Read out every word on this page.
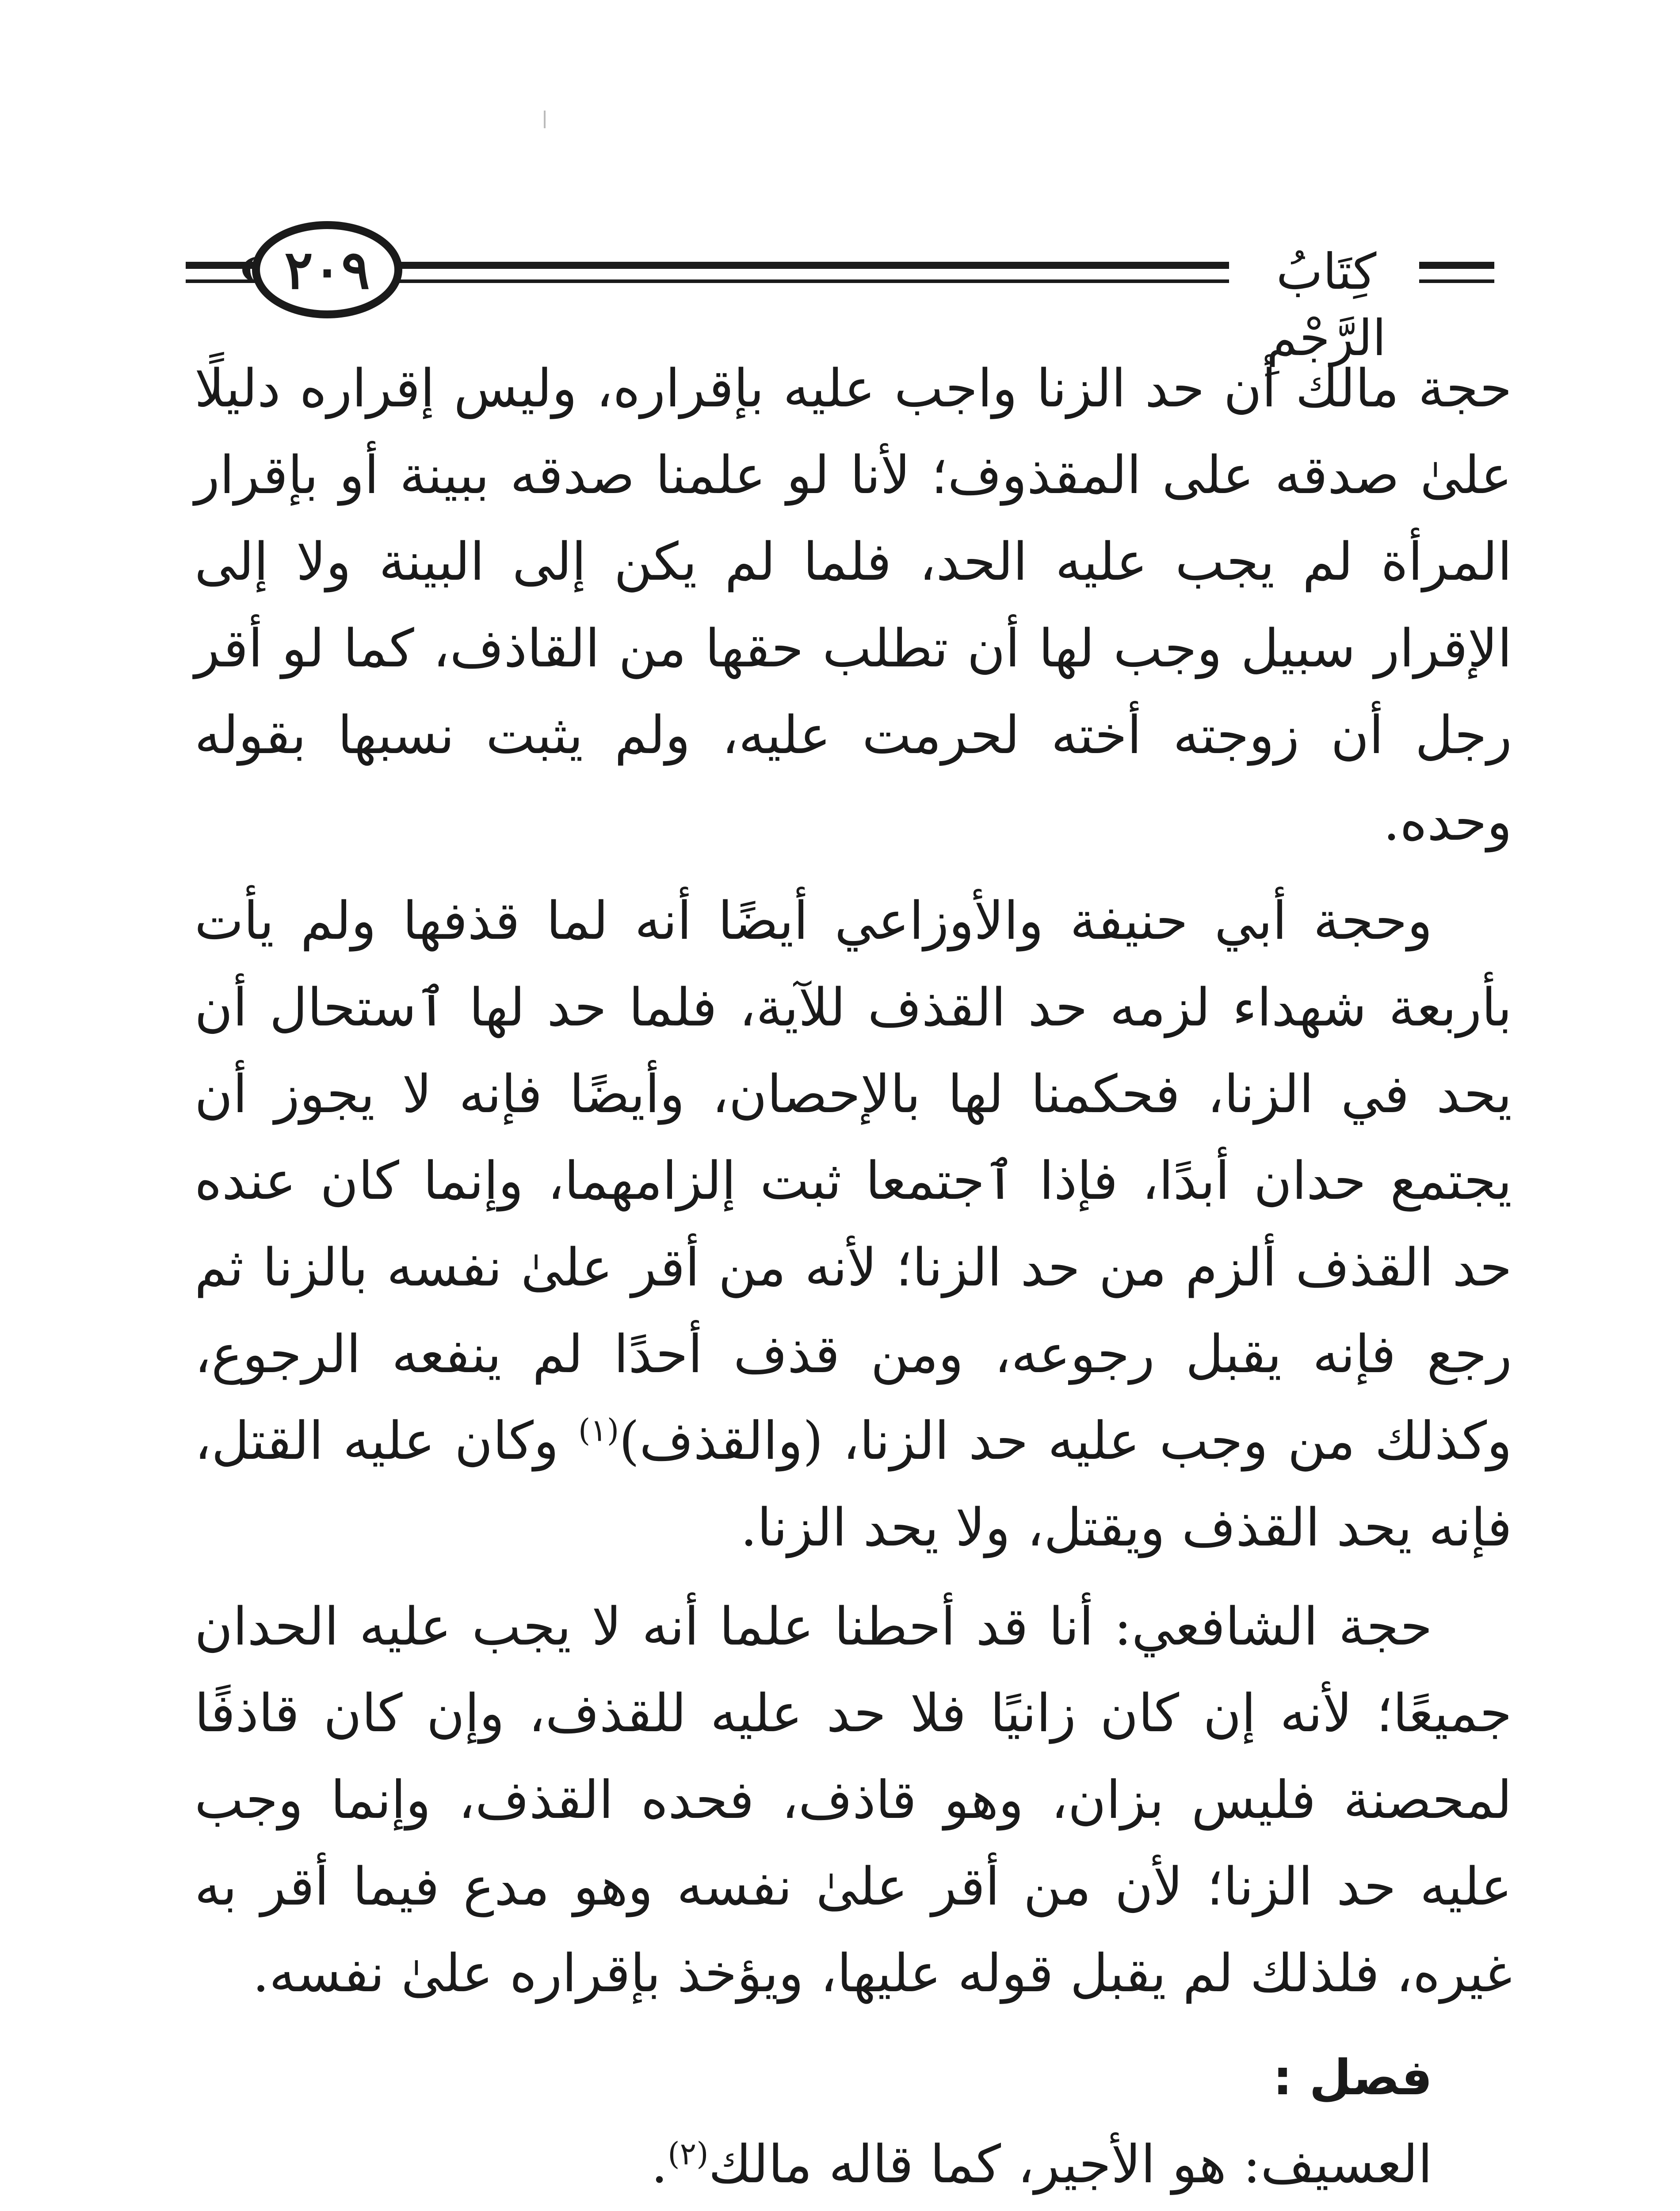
٢٠٩	كِتَابُ الرَّجْمِ

حجة مالك أن حد الزنا واجب عليه بإقراره، وليس إقراره دليلًا علىٰ صدقه على المقذوف؛ لأنا لو علمنا صدقه ببينة أو بإقرار المرأة لم يجب عليه الحد، فلما لم يكن إلى البينة ولا إلى الإقرار سبيل وجب لها أن تطلب حقها من القاذف، كما لو أقر رجل أن زوجته أخته لحرمت عليه، ولم يثبت نسبها بقوله وحده.

وحجة أبي حنيفة والأوزاعي أيضًا أنه لما قذفها ولم يأت بأربعة شهداء لزمه حد القذف للآية، فلما حد لها ٱستحال أن يحد في الزنا، فحكمنا لها بالإحصان، وأيضًا فإنه لا يجوز أن يجتمع حدان أبدًا، فإذا ٱجتمعا ثبت إلزامهما، وإنما كان عنده حد القذف ألزم من حد الزنا؛ لأنه من أقر علىٰ نفسه بالزنا ثم رجع فإنه يقبل رجوعه، ومن قذف أحدًا لم ينفعه الرجوع، وكذلك من وجب عليه حد الزنا، (والقذف)$^{(١)}$ وكان عليه القتل، فإنه يحد القذف ويقتل، ولا يحد الزنا.

حجة الشافعي: أنا قد أحطنا علما أنه لا يجب عليه الحدان جميعًا؛ لأنه إن كان زانيًا فلا حد عليه للقذف، وإن كان قاذفًا لمحصنة فليس بزان، وهو قاذف، فحده القذف، وإنما وجب عليه حد الزنا؛ لأن من أقر علىٰ نفسه وهو مدع فيما أقر به غيره، فلذلك لم يقبل قوله عليها، ويؤخذ بإقراره علىٰ نفسه.

فصل :

العسيف: هو الأجير، كما قاله مالك$^{(٢)}$.
